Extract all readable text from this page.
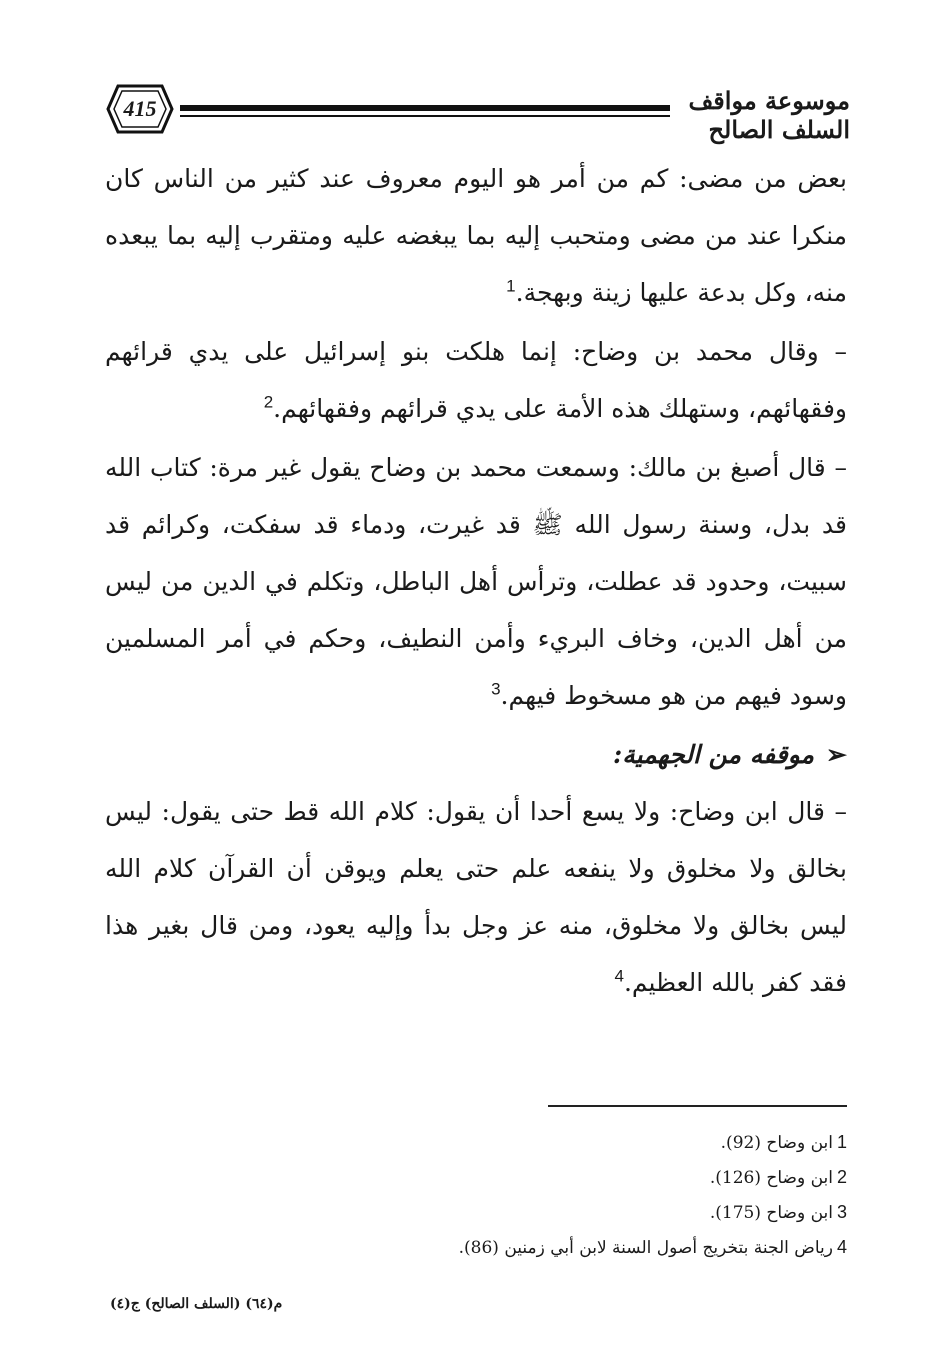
415	موسوعة مواقف السلف الصالح

بعض من مضى: كم من أمر هو اليوم معروف عند كثير من الناس كان منكرا عند من مضى ومتحبب إليه بما يبغضه عليه ومتقرب إليه بما يبعده منه، وكل بدعة عليها زينة وبهجة.$^1$

– وقال محمد بن وضاح: إنما هلكت بنو إسرائيل على يدي قرائهم وفقهائهم، وستهلك هذه الأمة على يدي قرائهم وفقهائهم.$^2$

– قال أصبغ بن مالك: وسمعت محمد بن وضاح يقول غير مرة: كتاب الله قد بدل، وسنة رسول الله ﷺ قد غيرت، ودماء قد سفكت، وكرائم قد سبيت، وحدود قد عطلت، وترأس أهل الباطل، وتكلم في الدين من ليس من أهل الدين، وخاف البريء وأمن النطيف، وحكم في أمر المسلمين وسود فيهم من هو مسخوط فيهم.$^3$

➢موقفه من الجهمية:

– قال ابن وضاح: ولا يسع أحدا أن يقول: كلام الله قط حتى يقول: ليس بخالق ولا مخلوق ولا ينفعه علم حتى يعلم ويوقن أن القرآن كلام الله ليس بخالق ولا مخلوق، منه عز وجل بدأ وإليه يعود، ومن قال بغير هذا فقد كفر بالله العظيم.$^4$

1ابن وضاح (92).
2ابن وضاح (126).
3ابن وضاح (175).
4رياض الجنة بتخريج أصول السنة لابن أبي زمنين (86).
م(٦٤) (السلف الصالح) ج(٤)
